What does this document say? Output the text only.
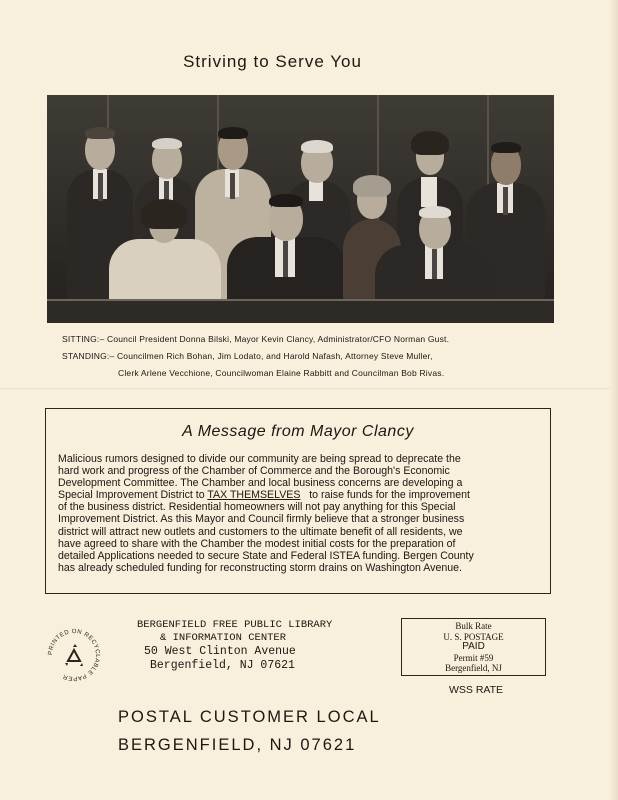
Striving to Serve You
SITTING:– Council President Donna Bilski, Mayor Kevin Clancy, Administrator/CFO Norman Gust.
STANDING:– Councilmen Rich Bohan, Jim Lodato, and Harold Nafash, Attorney Steve Muller,
Clerk Arlene Vecchione, Councilwoman Elaine Rabbitt and Councilman Bob Rivas.
A Message from Mayor Clancy
Malicious rumors designed to divide our community are being spread to deprecate the
hard work and progress of the Chamber of Commerce and the Borough's Economic
Development Committee. The Chamber and local business concerns are developing a
Special Improvement District to TAX THEMSELVES to raise funds for the improvement
of the business district. Residential homeowners will not pay anything for this Special
Improvement District. As this Mayor and Council firmly believe that a stronger business
district will attract new outlets and customers to the ultimate benefit of all residents, we
have agreed to share with the Chamber the modest initial costs for the preparation of
detailed Applications needed to secure State and Federal ISTEA funding. Bergen County
has already scheduled funding for reconstructing storm drains on Washington Avenue.
PRINTED ON RECYCLABLE PAPER
BERGENFIELD FREE PUBLIC LIBRARY
& INFORMATION CENTER
50 West Clinton Avenue
Bergenfield, NJ 07621
Bulk Rate
U. S. POSTAGE
PAID
Permit #59
Bergenfield, NJ
WSS RATE
POSTAL CUSTOMER LOCAL
BERGENFIELD, NJ 07621
